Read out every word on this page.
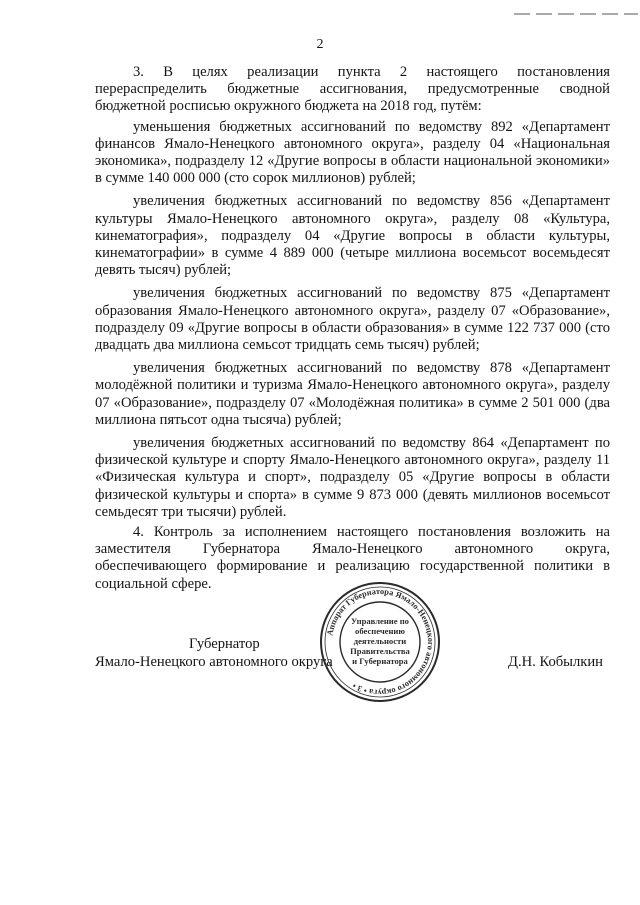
2

3. В целях реализации пункта 2 настоящего постановления перераспределить бюджетные ассигнования, предусмотренные сводной бюджетной росписью окружного бюджета на 2018 год, путём:

уменьшения бюджетных ассигнований по ведомству 892 «Департамент финансов Ямало-Ненецкого автономного округа», разделу 04 «Национальная экономика», подразделу 12 «Другие вопросы в области национальной экономики» в сумме 140 000 000 (сто сорок миллионов) рублей;

увеличения бюджетных ассигнований по ведомству 856 «Департамент культуры Ямало-Ненецкого автономного округа», разделу 08 «Культура, кинематография», подразделу 04 «Другие вопросы в области культуры, кинематографии» в сумме 4 889 000 (четыре миллиона восемьсот восемьдесят девять тысяч) рублей;

увеличения бюджетных ассигнований по ведомству 875 «Департамент образования Ямало-Ненецкого автономного округа», разделу 07 «Образование», подразделу 09 «Другие вопросы в области образования» в сумме 122 737 000 (сто двадцать два миллиона семьсот тридцать семь тысяч) рублей;

увеличения бюджетных ассигнований по ведомству 878 «Департамент молодёжной политики и туризма Ямало-Ненецкого автономного округа», разделу 07 «Образование», подразделу 07 «Молодёжная политика» в сумме 2 501 000 (два миллиона пятьсот одна тысяча) рублей;

увеличения бюджетных ассигнований по ведомству 864 «Департамент по физической культуре и спорту Ямало-Ненецкого автономного округа», разделу 11 «Физическая культура и спорт», подразделу 05 «Другие вопросы в области физической культуры и спорта» в сумме 9 873 000 (девять миллионов восемьсот семьдесят три тысячи) рублей.

4. Контроль за исполнением настоящего постановления возложить на заместителя Губернатора Ямало-Ненецкого автономного округа, обеспечивающего формирование и реализацию государственной политики в социальной сфере.

Губернатор
Ямало-Ненецкого автономного округа	Д.Н. Кобылкин
Аппарат Губернатора Ямало-Ненецкого автономного округа • 3 •
Управление по
обеспечению
деятельности
Правительства
и Губернатора
